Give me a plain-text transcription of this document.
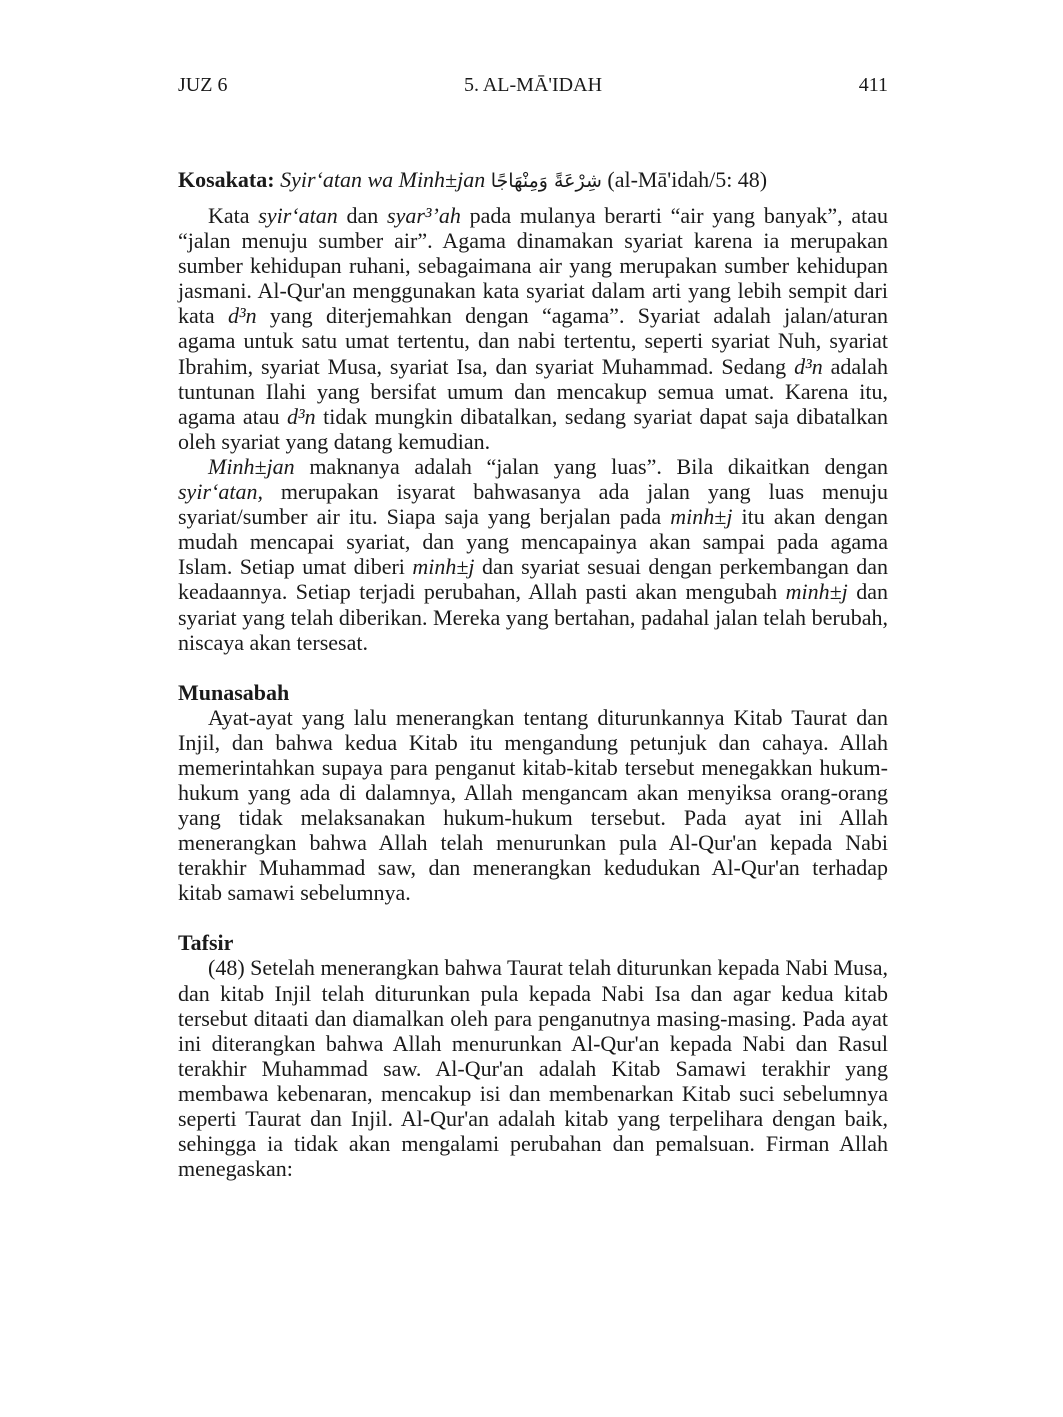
JUZ 6	5. AL-MĀ'IDAH	411
Kosakata: Syir‘atan wa Minh±jan شِرْعَةً وَمِنْهَاجًا (al-Mā'idah/5: 48)

Kata syir‘atan dan syar³’ah pada mulanya berarti “air yang banyak”, atau “jalan menuju sumber air”. Agama dinamakan syariat karena ia merupakan sumber kehidupan ruhani, sebagaimana air yang merupakan sumber kehidupan jasmani. Al-Qur'an menggunakan kata syariat dalam arti yang lebih sempit dari kata d³n yang diterjemahkan dengan “agama”. Syariat adalah jalan/aturan agama untuk satu umat tertentu, dan nabi tertentu, seperti syariat Nuh, syariat Ibrahim, syariat Musa, syariat Isa, dan syariat Muhammad. Sedang d³n adalah tuntunan Ilahi yang bersifat umum dan mencakup semua umat. Karena itu, agama atau d³n tidak mungkin dibatalkan, sedang syariat dapat saja dibatalkan oleh syariat yang datang kemudian.

Minh±jan maknanya adalah “jalan yang luas”. Bila dikaitkan dengan syir‘atan, merupakan isyarat bahwasanya ada jalan yang luas menuju syariat/sumber air itu. Siapa saja yang berjalan pada minh±j itu akan dengan mudah mencapai syariat, dan yang mencapainya akan sampai pada agama Islam. Setiap umat diberi minh±j dan syariat sesuai dengan perkembangan dan keadaannya. Setiap terjadi perubahan, Allah pasti akan mengubah minh±j dan syariat yang telah diberikan. Mereka yang bertahan, padahal jalan telah berubah, niscaya akan tersesat.

Munasabah

Ayat-ayat yang lalu menerangkan tentang diturunkannya Kitab Taurat dan Injil, dan bahwa kedua Kitab itu mengandung petunjuk dan cahaya. Allah memerintahkan supaya para penganut kitab-kitab tersebut menegakkan hukum-hukum yang ada di dalamnya, Allah mengancam akan menyiksa orang-orang yang tidak melaksanakan hukum-hukum tersebut. Pada ayat ini Allah menerangkan bahwa Allah telah menurunkan pula Al-Qur'an kepada Nabi terakhir Muhammad saw, dan menerangkan kedudukan Al-Qur'an terhadap kitab samawi sebelumnya.

Tafsir

(48) Setelah menerangkan bahwa Taurat telah diturunkan kepada Nabi Musa, dan kitab Injil telah diturunkan pula kepada Nabi Isa dan agar kedua kitab tersebut ditaati dan diamalkan oleh para penganutnya masing-masing. Pada ayat ini diterangkan bahwa Allah menurunkan Al-Qur'an kepada Nabi dan Rasul terakhir Muhammad saw. Al-Qur'an adalah Kitab Samawi terakhir yang membawa kebenaran, mencakup isi dan membenarkan Kitab suci sebelumnya seperti Taurat dan Injil. Al-Qur'an adalah kitab yang terpelihara dengan baik, sehingga ia tidak akan mengalami perubahan dan pemalsuan. Firman Allah menegaskan:
